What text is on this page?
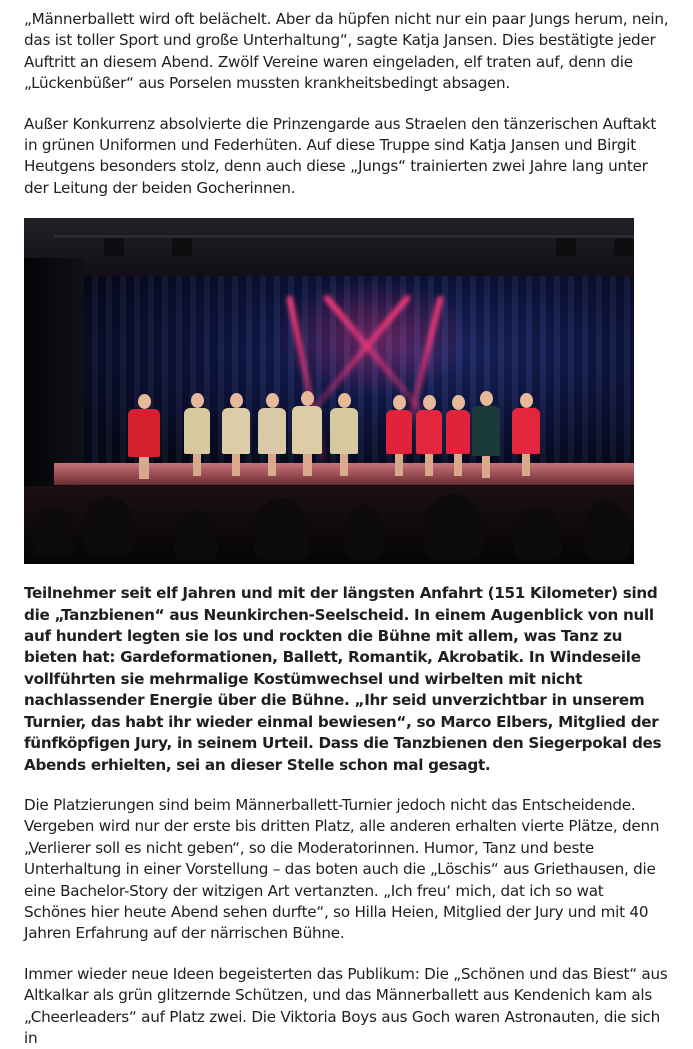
„Männerballett wird oft belächelt. Aber da hüpfen nicht nur ein paar Jungs herum, nein, das ist toller Sport und große Unterhaltung“, sagte Katja Jansen. Dies bestätigte jeder Auftritt an diesem Abend. Zwölf Vereine waren eingeladen, elf traten auf, denn die „Lückenbüßer“ aus Porselen mussten krankheitsbedingt absagen.

Außer Konkurrenz absolvierte die Prinzengarde aus Straelen den tänzerischen Auftakt in grünen Uniformen und Federhüten. Auf diese Truppe sind Katja Jansen und Birgit Heutgens besonders stolz, denn auch diese „Jungs“ trainierten zwei Jahre lang unter der Leitung der beiden Gocherinnen.

Teilnehmer seit elf Jahren und mit der längsten Anfahrt (151 Kilometer) sind die „Tanzbienen“ aus Neunkirchen-Seelscheid. In einem Augenblick von null auf hundert legten sie los und rockten die Bühne mit allem, was Tanz zu bieten hat: Gardeformationen, Ballett, Romantik, Akrobatik. In Windeseile vollführten sie mehrmalige Kostümwechsel und wirbelten mit nicht nachlassender Energie über die Bühne. „Ihr seid unverzichtbar in unserem Turnier, das habt ihr wieder einmal bewiesen“, so Marco Elbers, Mitglied der fünfköpfigen Jury, in seinem Urteil. Dass die Tanzbienen den Siegerpokal des Abends erhielten, sei an dieser Stelle schon mal gesagt.

Die Platzierungen sind beim Männerballett-Turnier jedoch nicht das Entscheidende. Vergeben wird nur der erste bis dritten Platz, alle anderen erhalten vierte Plätze, denn „Verlierer soll es nicht geben“, so die Moderatorinnen. Humor, Tanz und beste Unterhaltung in einer Vorstellung – das boten auch die „Löschis“ aus Griethausen, die eine Bachelor-Story der witzigen Art vertanzten. „Ich freu‘ mich, dat ich so wat Schönes hier heute Abend sehen durfte“, so Hilla Heien, Mitglied der Jury und mit 40 Jahren Erfahrung auf der närrischen Bühne.

Immer wieder neue Ideen begeisterten das Publikum: Die „Schönen und das Biest“ aus Altkalkar als grün glitzernde Schützen, und das Männerballett aus Kendenich kam als „Cheerleaders“ auf Platz zwei. Die Viktoria Boys aus Goch waren Astronauten, die sich in
